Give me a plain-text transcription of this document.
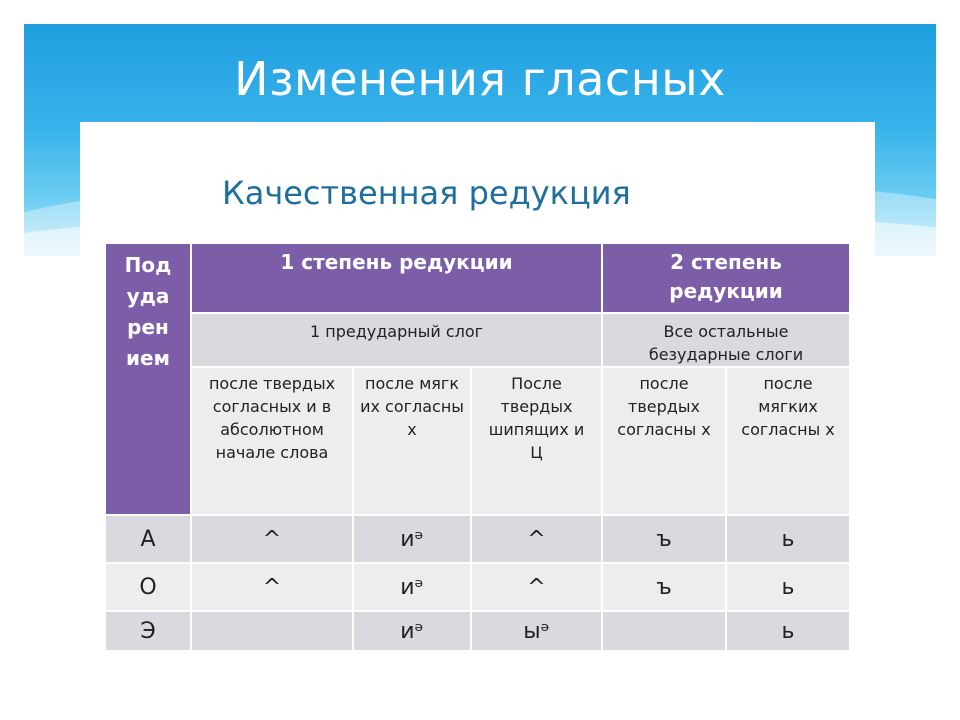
Изменения гласных
Качественная редукция
Под уда рен ием	1 степень редукции			2 степень редукции	

	1 предударный слог			Все остальные безударные слоги	

	после твердых согласных и в абсолютном начале слова	после мягких согласны х	После твердых шипящих и Ц	после твердых согласны х	после мягких согласны х

А	^	иᵊ	^	ъ	ь
О	^	иᵊ	^	ъ	ь
Э		иᵊ	ыᵊ		ь
